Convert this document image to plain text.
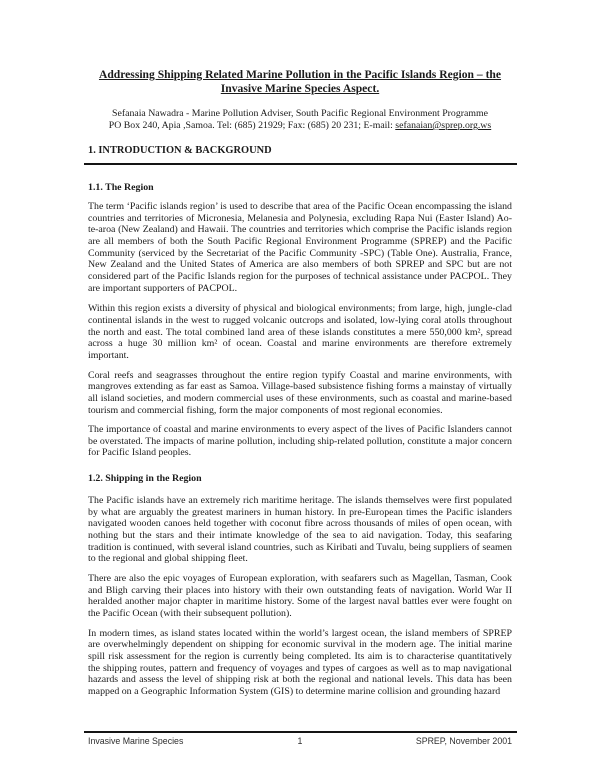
Addressing Shipping Related Marine Pollution in the Pacific Islands Region – the Invasive Marine Species Aspect.
Sefanaia Nawadra - Marine Pollution Adviser, South Pacific Regional Environment Programme
PO Box 240, Apia ,Samoa. Tel: (685) 21929; Fax: (685) 20 231; E-mail: sefanaian@sprep.org.ws
1. INTRODUCTION & BACKGROUND
1.1. The Region

The term ‘Pacific islands region’ is used to describe that area of the Pacific Ocean encompassing the island countries and territories of Micronesia, Melanesia and Polynesia, excluding Rapa Nui (Easter Island) Ao-te-aroa (New Zealand) and Hawaii. The countries and territories which comprise the Pacific islands region are all members of both the South Pacific Regional Environment Programme (SPREP) and the Pacific Community (serviced by the Secretariat of the Pacific Community -SPC) (Table One). Australia, France, New Zealand and the United States of America are also members of both SPREP and SPC but are not considered part of the Pacific Islands region for the purposes of technical assistance under PACPOL. They are important supporters of PACPOL.

Within this region exists a diversity of physical and biological environments; from large, high, jungle-clad continental islands in the west to rugged volcanic outcrops and isolated, low-lying coral atolls throughout the north and east. The total combined land area of these islands constitutes a mere 550,000 km², spread across a huge 30 million km² of ocean. Coastal and marine environments are therefore extremely important.

Coral reefs and seagrasses throughout the entire region typify Coastal and marine environments, with mangroves extending as far east as Samoa. Village-based subsistence fishing forms a mainstay of virtually all island societies, and modern commercial uses of these environments, such as coastal and marine-based tourism and commercial fishing, form the major components of most regional economies.

The importance of coastal and marine environments to every aspect of the lives of Pacific Islanders cannot be overstated. The impacts of marine pollution, including ship-related pollution, constitute a major concern for Pacific Island peoples.

1.2. Shipping in the Region

The Pacific islands have an extremely rich maritime heritage. The islands themselves were first populated by what are arguably the greatest mariners in human history. In pre-European times the Pacific islanders navigated wooden canoes held together with coconut fibre across thousands of miles of open ocean, with nothing but the stars and their intimate knowledge of the sea to aid navigation. Today, this seafaring tradition is continued, with several island countries, such as Kiribati and Tuvalu, being suppliers of seamen to the regional and global shipping fleet.

There are also the epic voyages of European exploration, with seafarers such as Magellan, Tasman, Cook and Bligh carving their places into history with their own outstanding feats of navigation. World War II heralded another major chapter in maritime history. Some of the largest naval battles ever were fought on the Pacific Ocean (with their subsequent pollution).

In modern times, as island states located within the world’s largest ocean, the island members of SPREP are overwhelmingly dependent on shipping for economic survival in the modern age. The initial marine spill risk assessment for the region is currently being completed. Its aim is to characterise quantitatively the shipping routes, pattern and frequency of voyages and types of cargoes as well as to map navigational hazards and assess the level of shipping risk at both the regional and national levels. This data has been mapped on a Geographic Information System (GIS) to determine marine collision and grounding hazard

Invasive Marine Species	1	SPREP, November 2001
